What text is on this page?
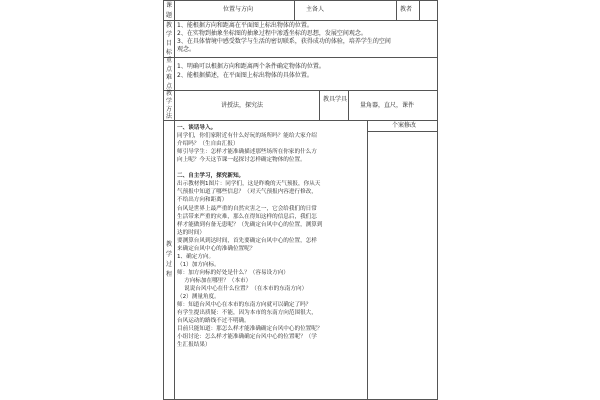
课题
位置与方向	主备人	教者
教学目标
1、能根据方向和距离在平面图上标出物体的位置。
2、在实物到抽象坐标图的抽象过程中渗透坐标的思想，发展空间观念。
3、在具体情境中感受数学与生活的密切联系，获得成功的体验，培养学生的空间
观念。
重点难点
1、明确可以根据方向和距离两个条件确定物体的位置。
2、能根据描述，在平面图上标出物体的具体位置。
教学方法
讲授法，探究法
教具学具
量角器，直尺，课件
教学过程
个案修改
一、谈话导入。
同学们，你们家附近有什么好玩的场所吗？能给大家介绍
介绍吗？（生自由汇报）
师引导学生：怎样才能准确描述那些场所在你家的什么方
向上呢？今天这节课一起探讨怎样确定物体的位置。
二、自主学习，探究新知。
出示教材例1图片：同学们，这是昨晚的天气预报，你从天
气预报中知道了哪些信息？（对天气预报内容进行修改，
不给出方向和距离）
台风是世界上最严重的自然灾害之一，它会给我们的日常
生活带来严重的灾难，那么在得知这样的信息后，我们怎
样才能做到有备无患呢？（先确定台风中心的位置，测算到
达的时间）
要测算台风到达时间，首先要确定台风中心的位置，怎样
来确定台风中心的准确位置呢？
1、确定方向。
（1）加方向标。
师：加方向标的好处是什么？（容易设方向）
方向标加在哪里？（本市）
说说台风中心在什么位置？（在本市的东南方向）
（2）测量角度。
师：知道台风中心在本市的东南方向就可以确定了吗？
有学生提出质疑：不能，因为本市的东南方向范围很大，
台风运动的路线不过不明确。
目前只能知道：那怎么样才能准确确定台风中心的位置呢？
小组讨论：怎么样才能准确确定台风中心的位置呢？（学
生汇报结果）
